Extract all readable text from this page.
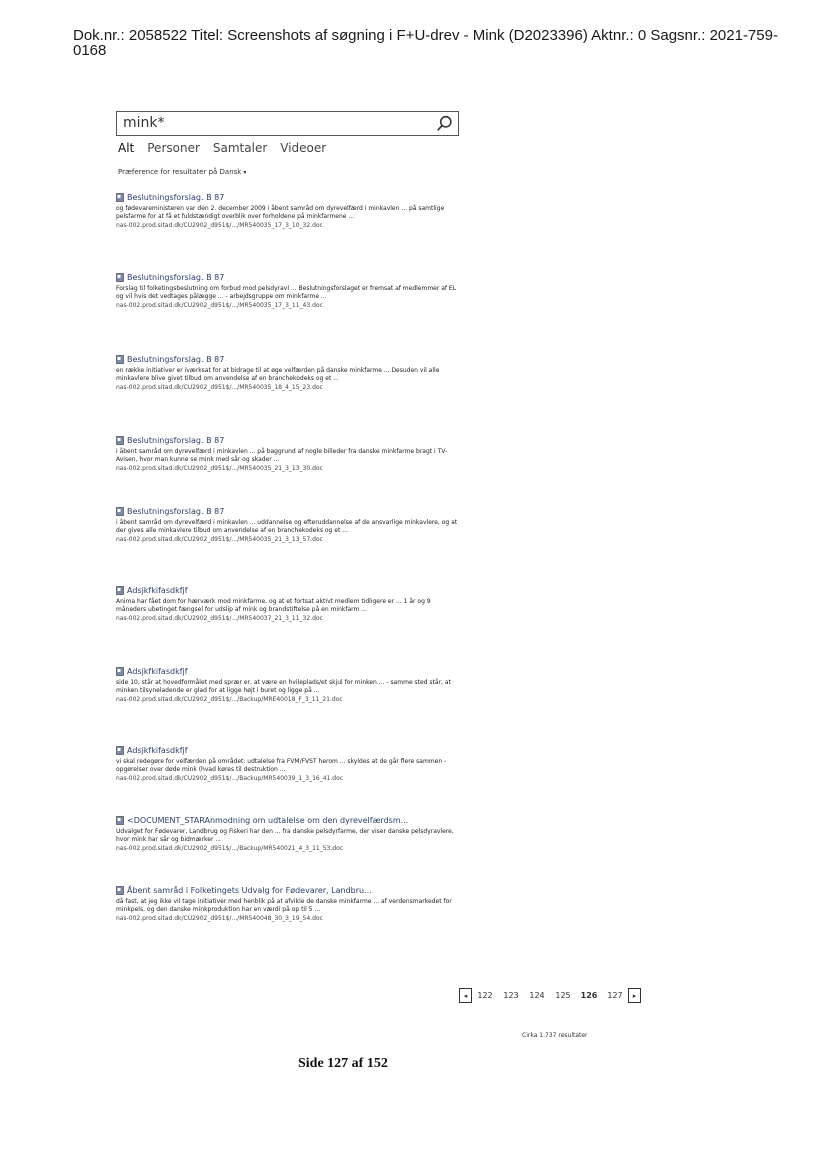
Dok.nr.: 2058522 Titel: Screenshots af søgning i F+U-drev - Mink (D2023396) Aktnr.: 0 Sagsnr.: 2021-759-0168
mink*
Alt Personer Samtaler Videoer
Præference for resultater på Dansk ▾
Beslutningsforslag. B 87
og fødevareministeren var den 2. december 2009 i åbent samråd om dyrevelfærd i minkavlen ... på samtlige pelsfarme for at få et fuldstændigt overblik over forholdene på minkfarmene ...
nas-002.prod.sitad.dk/CU2902_d951$/.../MR540035_17_3_10_32.doc
Beslutningsforslag. B 87
Forslag til folketingsbeslutning om forbud mod pelsdyravl ... Beslutningsforslaget er fremsat af medlemmer af EL og vil hvis det vedtages pålægge ... - arbejdsgruppe om minkfarme ...
nas-002.prod.sitad.dk/CU2902_d951$/.../MR540035_17_3_11_43.doc
Beslutningsforslag. B 87
en række initiativer er iværksat for at bidrage til at øge velfærden på danske minkfarme ... Desuden vil alle minkavlere blive givet tilbud om anvendelse af en branchekodeks og et ...
nas-002.prod.sitad.dk/CU2902_d951$/.../MR540035_18_4_15_23.doc
Beslutningsforslag. B 87
i åbent samråd om dyrevelfærd i minkavlen ... på baggrund af nogle billeder fra danske minkfarme bragt i TV-Avisen, hvor man kunne se mink med sår og skader ...
nas-002.prod.sitad.dk/CU2902_d951$/.../MR540035_21_3_13_30.doc
Beslutningsforslag. B 87
i åbent samråd om dyrevelfærd i minkavlen ... uddannelse og efteruddannelse af de ansvarlige minkavlere, og at der gives alle minkavlere tilbud om anvendelse af en branchekodeks og et ...
nas-002.prod.sitad.dk/CU2902_d951$/.../MR540035_21_3_13_57.doc
Adsjkfkifasdkfjf
Anima har fået dom for hærværk mod minkfarme, og at et fortsat aktivt medlem tidligere er ... 1 år og 9 måneders ubetinget fængsel for udslip af mink og brandstiftelse på en minkfarm ...
nas-002.prod.sitad.dk/CU2902_d951$/.../MR540037_21_3_11_32.doc
Adsjkfkifasdkfjf
side 10, står at hovedformålet med sprær er, at være en hvileplads/et skjul for minken ... - samme sted står, at minken tilsyneladende er glad for at ligge højt i buret og ligge på ...
nas-002.prod.sitad.dk/CU2902_d951$/.../Backup/MRE40018_F_3_11_21.doc
Adsjkfkifasdkfjf
vi skal redegøre for velfærden på området: udtalelse fra FVM/FVST herom ... skyldes at de går flere sammen - opgørelser over døde mink (hvad køres til destruktion ...
nas-002.prod.sitad.dk/CU2902_d951$/.../Backup/MR540039_1_3_16_41.doc
<DOCUMENT_STARAnmodning om udtalelse om den dyrevelfærdsm...
Udvalget for Fødevarer, Landbrug og Fiskeri har den ... fra danske pelsdyrfarme, der viser danske pelsdyravlere, hvor mink har sår og bidmærker ...
nas-002.prod.sitad.dk/CU2902_d951$/.../Backup/MR540021_4_3_11_53.doc
Åbent samråd i Folketingets Udvalg for Fødevarer, Landbru...
då fast, at jeg ikke vil tage initiativer med henblik på at afvikle de danske minkfarme ... af verdensmarkedet for minkpels, og den danske minkproduktion har en værdi på op til 5 ...
nas-002.prod.sitad.dk/CU2902_d951$/.../MR540048_30_3_19_54.doc
◂	122	123	124	125	126	127	▸
Cirka 1.737 resultater
Side 127 af 152
